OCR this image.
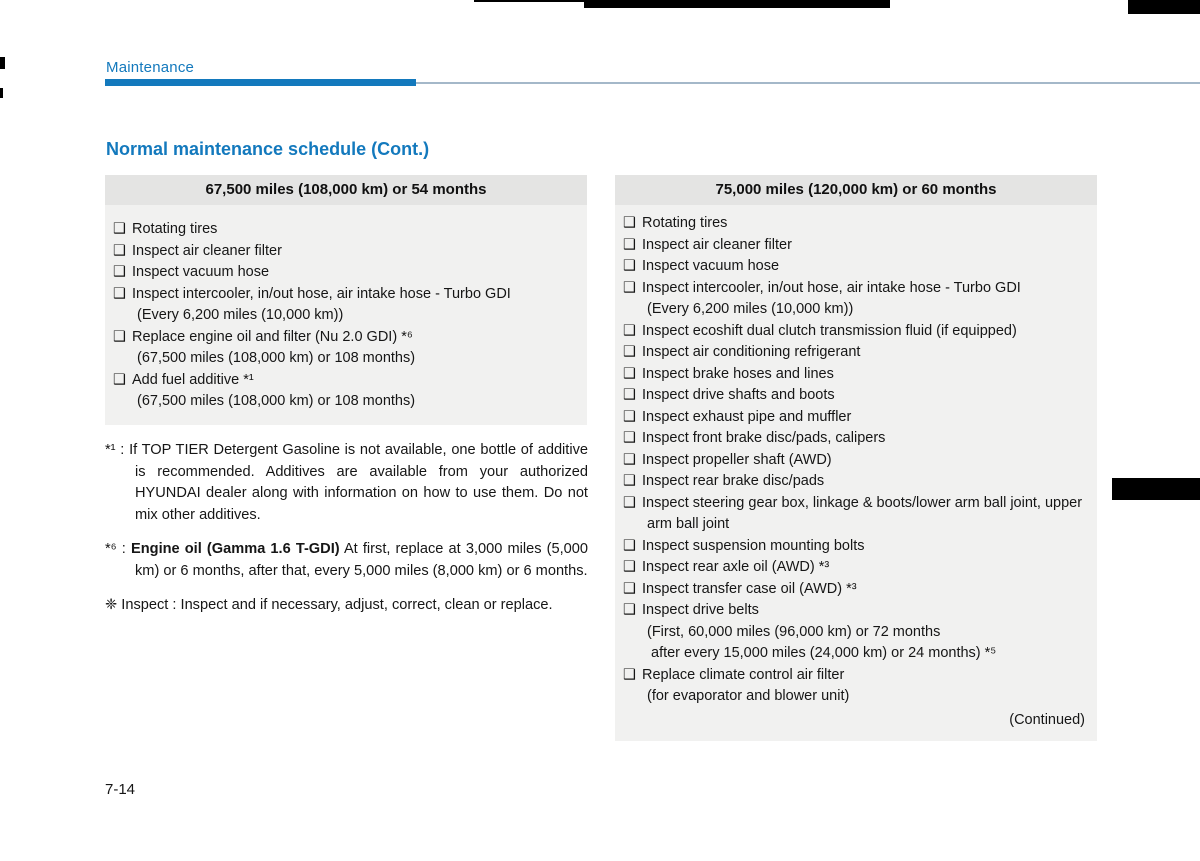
Maintenance
Normal maintenance schedule (Cont.)
67,500 miles (108,000 km) or 54 months
❑ Rotating tires
❑ Inspect air cleaner filter
❑ Inspect vacuum hose
❑ Inspect intercooler, in/out hose, air intake hose - Turbo GDI
(Every 6,200 miles (10,000 km))
❑ Replace engine oil and filter (Nu 2.0 GDI) *⁶
(67,500 miles (108,000 km) or 108 months)
❑ Add fuel additive *¹
(67,500 miles (108,000 km) or 108 months)
75,000 miles (120,000 km) or 60 months
❑ Rotating tires
❑ Inspect air cleaner filter
❑ Inspect vacuum hose
❑ Inspect intercooler, in/out hose, air intake hose - Turbo GDI
(Every 6,200 miles (10,000 km))
❑ Inspect ecoshift dual clutch transmission fluid (if equipped)
❑ Inspect air conditioning refrigerant
❑ Inspect brake hoses and lines
❑ Inspect drive shafts and boots
❑ Inspect exhaust pipe and muffler
❑ Inspect front brake disc/pads, calipers
❑ Inspect propeller shaft (AWD)
❑ Inspect rear brake disc/pads
❑ Inspect steering gear box, linkage & boots/lower arm ball joint, upper arm ball joint
❑ Inspect suspension mounting bolts
❑ Inspect rear axle oil (AWD) *³
❑ Inspect transfer case oil (AWD) *³
❑ Inspect drive belts
(First, 60,000 miles (96,000 km) or 72 months
after every 15,000 miles (24,000 km) or 24 months) *⁵
❑ Replace climate control air filter
(for evaporator and blower unit)
(Continued)
*¹ : If TOP TIER Detergent Gasoline is not available, one bottle of additive is recommended. Additives are available from your authorized HYUNDAI dealer along with information on how to use them. Do not mix other additives.
*⁶ : Engine oil (Gamma 1.6 T-GDI) At first, replace at 3,000 miles (5,000 km) or 6 months, after that, every 5,000 miles (8,000 km) or 6 months.
❈ Inspect : Inspect and if necessary, adjust, correct, clean or replace.
7-14
